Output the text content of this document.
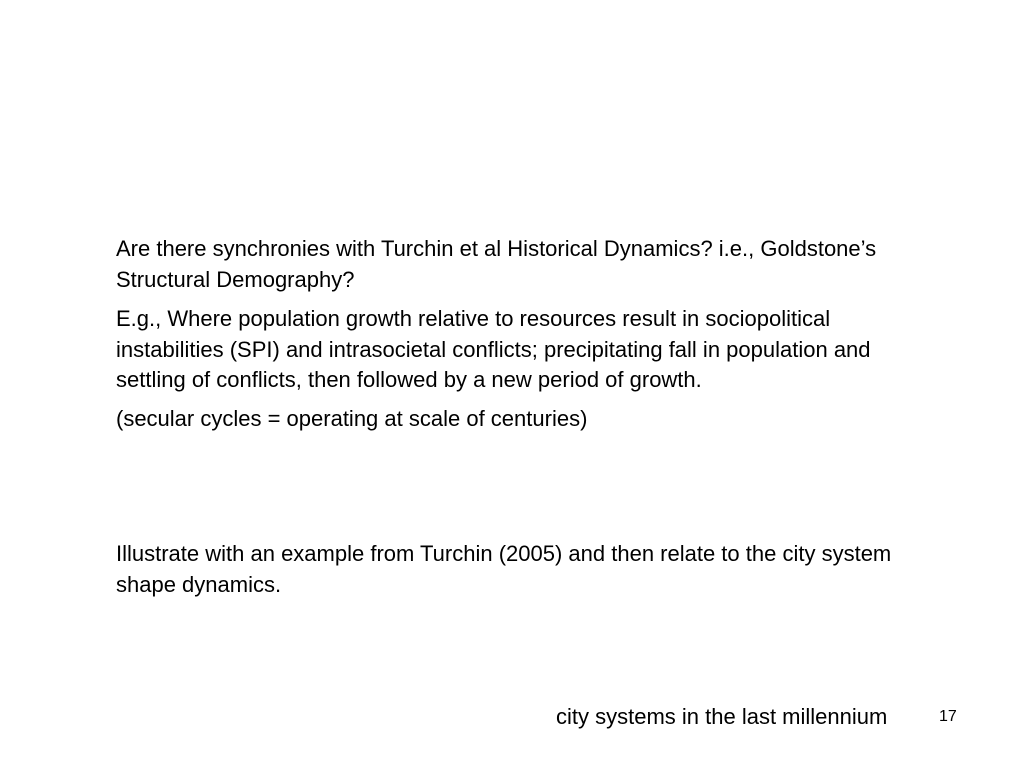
Are there synchronies with Turchin et al Historical Dynamics? i.e., Goldstone’s Structural Demography?

E.g., Where population growth relative to resources result in sociopolitical instabilities (SPI) and intrasocietal conflicts; precipitating fall in population and settling of conflicts, then followed by a new period of growth.

(secular cycles = operating at scale of centuries)

Illustrate with an example from Turchin (2005) and then relate to the city system shape dynamics.

city systems in the last millennium	17
